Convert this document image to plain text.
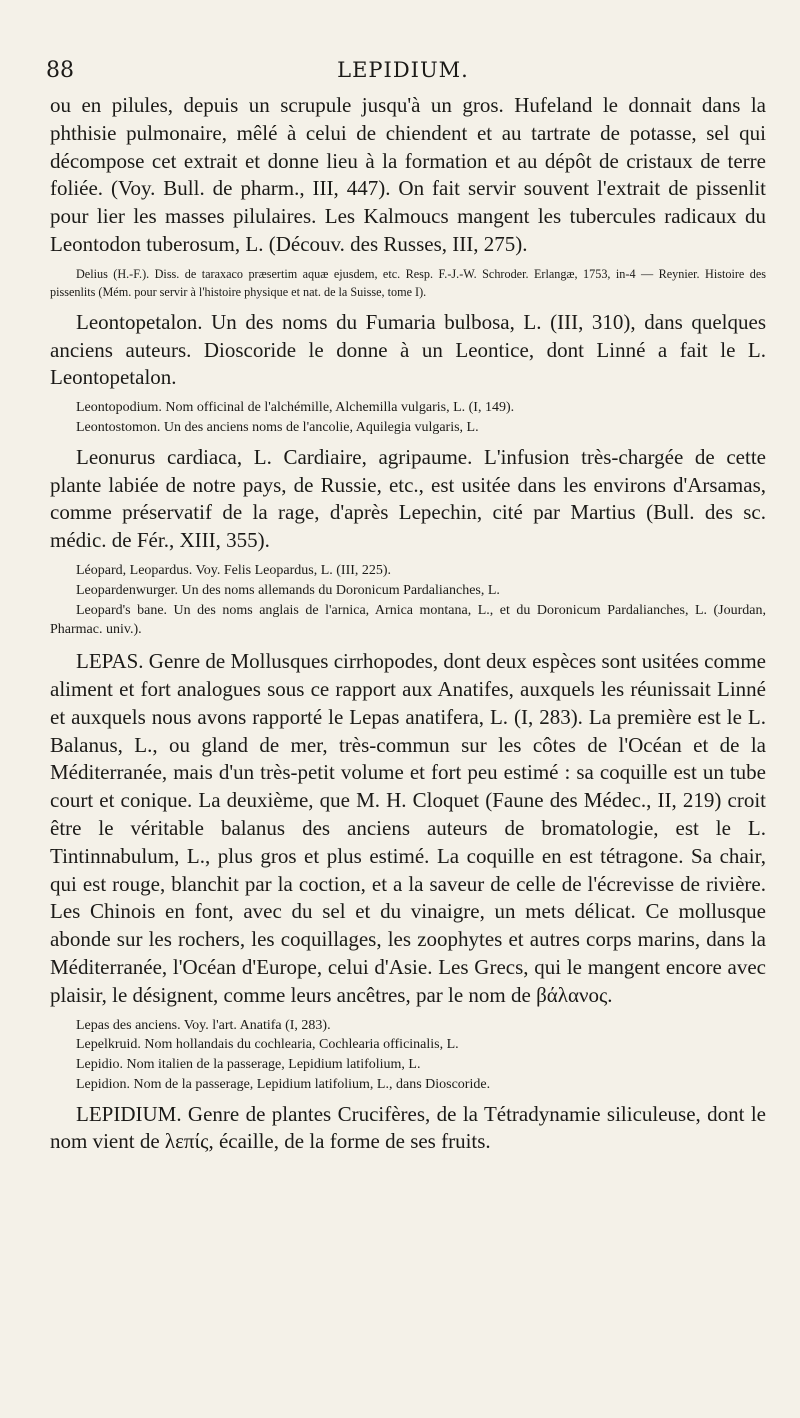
88	LEPIDIUM.

ou en pilules, depuis un scrupule jusqu'à un gros. Hufeland le donnait dans la phthisie pulmonaire, mêlé à celui de chiendent et au tartrate de potasse, sel qui décompose cet extrait et donne lieu à la formation et au dépôt de cristaux de terre foliée. (Voy. Bull. de pharm., III, 447). On fait servir souvent l'extrait de pissenlit pour lier les masses pilulaires. Les Kalmoucs mangent les tubercules radicaux du Leontodon tuberosum, L. (Découv. des Russes, III, 275).

Delius (H.-F.). Diss. de taraxaco præsertim aquæ ejusdem, etc. Resp. F.-J.-W. Schroder. Erlangæ, 1753, in-4 — Reynier. Histoire des pissenlits (Mém. pour servir à l'histoire physique et nat. de la Suisse, tome I).

Leontopetalon. Un des noms du Fumaria bulbosa, L. (III, 310), dans quelques anciens auteurs. Dioscoride le donne à un Leontice, dont Linné a fait le L. Leontopetalon.

Leontopodium. Nom officinal de l'alchémille, Alchemilla vulgaris, L. (I, 149).

Leontostomon. Un des anciens noms de l'ancolie, Aquilegia vulgaris, L.

Leonurus cardiaca, L. Cardiaire, agripaume. L'infusion très-chargée de cette plante labiée de notre pays, de Russie, etc., est usitée dans les environs d'Arsamas, comme préservatif de la rage, d'après Lepechin, cité par Martius (Bull. des sc. médic. de Fér., XIII, 355).

Léopard, Leopardus. Voy. Felis Leopardus, L. (III, 225).

Leopardenwurger. Un des noms allemands du Doronicum Pardalianches, L.

Leopard's bane. Un des noms anglais de l'arnica, Arnica montana, L., et du Doronicum Pardalianches, L. (Jourdan, Pharmac. univ.).

LEPAS. Genre de Mollusques cirrhopodes, dont deux espèces sont usitées comme aliment et fort analogues sous ce rapport aux Anatifes, auxquels les réunissait Linné et auxquels nous avons rapporté le Lepas anatifera, L. (I, 283). La première est le L. Balanus, L., ou gland de mer, très-commun sur les côtes de l'Océan et de la Méditerranée, mais d'un très-petit volume et fort peu estimé : sa coquille est un tube court et conique. La deuxième, que M. H. Cloquet (Faune des Médec., II, 219) croit être le véritable balanus des anciens auteurs de bromatologie, est le L. Tintinnabulum, L., plus gros et plus estimé. La coquille en est tétragone. Sa chair, qui est rouge, blanchit par la coction, et a la saveur de celle de l'écrevisse de rivière. Les Chinois en font, avec du sel et du vinaigre, un mets délicat. Ce mollusque abonde sur les rochers, les coquillages, les zoophytes et autres corps marins, dans la Méditerranée, l'Océan d'Europe, celui d'Asie. Les Grecs, qui le mangent encore avec plaisir, le désignent, comme leurs ancêtres, par le nom de βάλανος.

Lepas des anciens. Voy. l'art. Anatifa (I, 283).

Lepelkruid. Nom hollandais du cochlearia, Cochlearia officinalis, L.

Lepidio. Nom italien de la passerage, Lepidium latifolium, L.

Lepidion. Nom de la passerage, Lepidium latifolium, L., dans Dioscoride.

LEPIDIUM. Genre de plantes Crucifères, de la Tétradynamie siliculeuse, dont le nom vient de λεπίς, écaille, de la forme de ses fruits.
